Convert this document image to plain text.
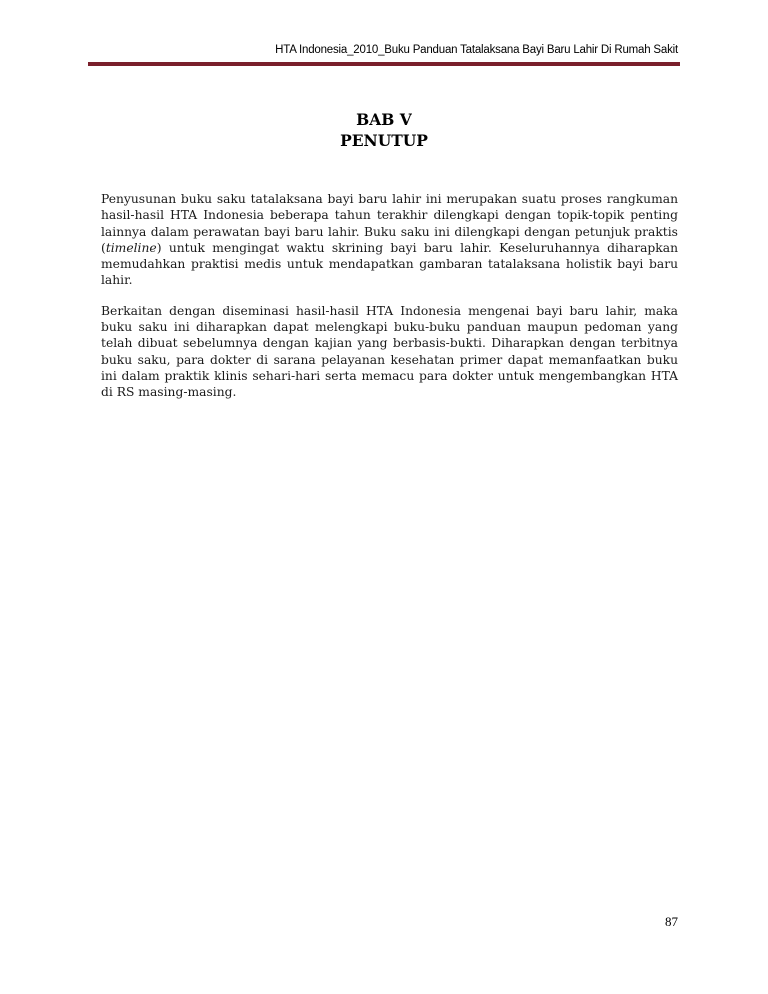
HTA Indonesia_2010_Buku Panduan Tatalaksana Bayi Baru Lahir Di Rumah Sakit
BAB V
PENUTUP

Penyusunan buku saku tatalaksana bayi baru lahir ini merupakan suatu proses rangkuman hasil-hasil HTA Indonesia beberapa tahun terakhir dilengkapi dengan topik-topik penting lainnya dalam perawatan bayi baru lahir. Buku saku ini dilengkapi dengan petunjuk praktis (timeline) untuk mengingat waktu skrining bayi baru lahir. Keseluruhannya diharapkan memudahkan praktisi medis untuk mendapatkan gambaran tatalaksana holistik bayi baru lahir.

Berkaitan dengan diseminasi hasil-hasil HTA Indonesia mengenai bayi baru lahir, maka buku saku ini diharapkan dapat melengkapi buku-buku panduan maupun pedoman yang telah dibuat sebelumnya dengan kajian yang berbasis-bukti. Diharapkan dengan terbitnya buku saku, para dokter di sarana pelayanan kesehatan primer dapat memanfaatkan buku ini dalam praktik klinis sehari-hari serta memacu para dokter untuk mengembangkan HTA di RS masing-masing.

87
